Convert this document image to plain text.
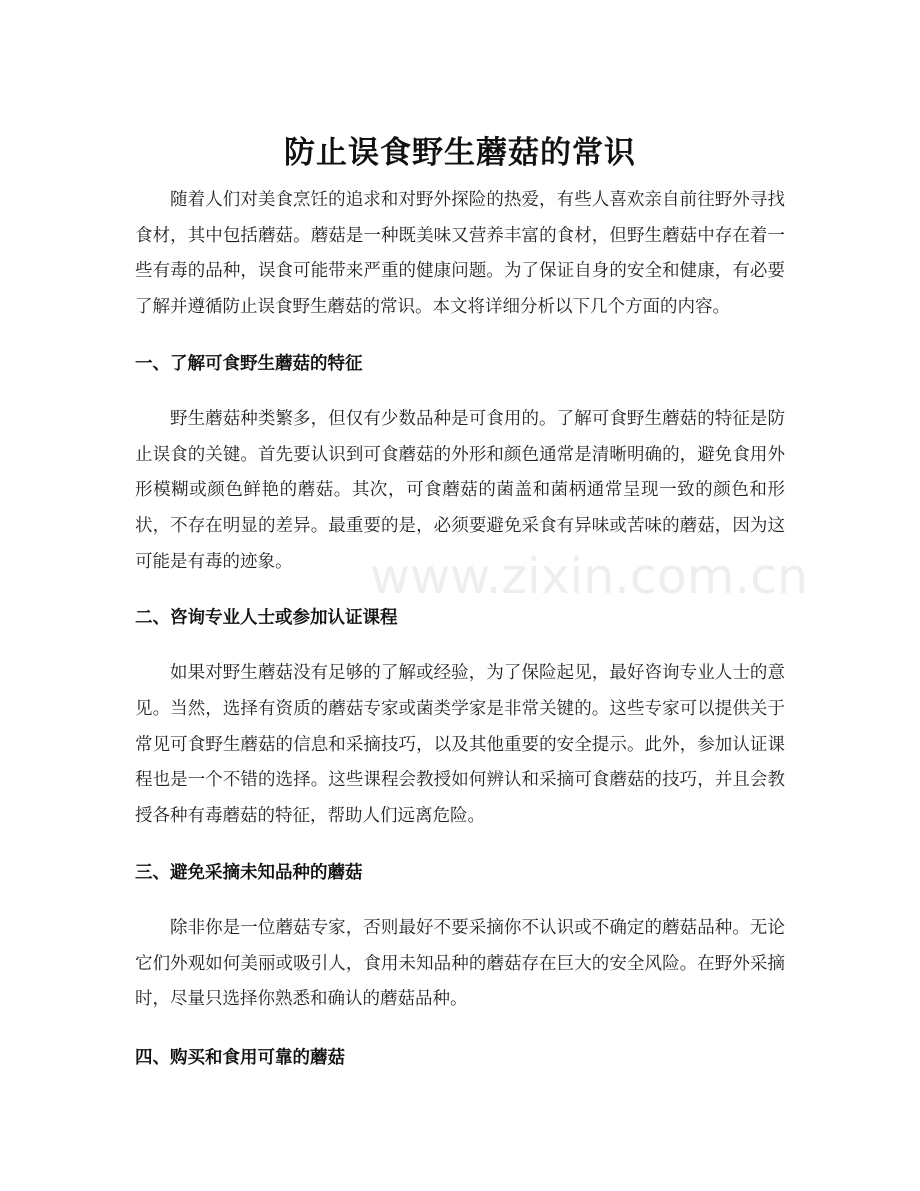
防止误食野生蘑菇的常识

随着人们对美食烹饪的追求和对野外探险的热爱，有些人喜欢亲自前往野外寻找食材，其中包括蘑菇。蘑菇是一种既美味又营养丰富的食材，但野生蘑菇中存在着一些有毒的品种，误食可能带来严重的健康问题。为了保证自身的安全和健康，有必要了解并遵循防止误食野生蘑菇的常识。本文将详细分析以下几个方面的内容。

一、了解可食野生蘑菇的特征

野生蘑菇种类繁多，但仅有少数品种是可食用的。了解可食野生蘑菇的特征是防止误食的关键。首先要认识到可食蘑菇的外形和颜色通常是清晰明确的，避免食用外形模糊或颜色鲜艳的蘑菇。其次，可食蘑菇的菌盖和菌柄通常呈现一致的颜色和形状，不存在明显的差异。最重要的是，必须要避免采食有异味或苦味的蘑菇，因为这可能是有毒的迹象。

二、咨询专业人士或参加认证课程

如果对野生蘑菇没有足够的了解或经验，为了保险起见，最好咨询专业人士的意见。当然，选择有资质的蘑菇专家或菌类学家是非常关键的。这些专家可以提供关于常见可食野生蘑菇的信息和采摘技巧，以及其他重要的安全提示。此外，参加认证课程也是一个不错的选择。这些课程会教授如何辨认和采摘可食蘑菇的技巧，并且会教授各种有毒蘑菇的特征，帮助人们远离危险。

三、避免采摘未知品种的蘑菇

除非你是一位蘑菇专家，否则最好不要采摘你不认识或不确定的蘑菇品种。无论它们外观如何美丽或吸引人，食用未知品种的蘑菇存在巨大的安全风险。在野外采摘时，尽量只选择你熟悉和确认的蘑菇品种。

四、购买和食用可靠的蘑菇
www.zixin.com.cn
